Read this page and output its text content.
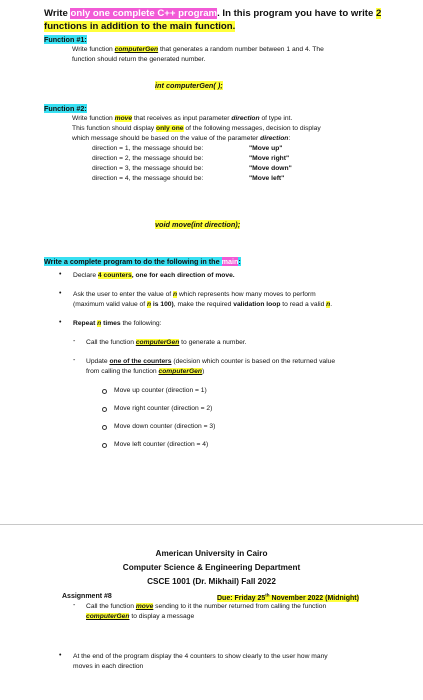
Write only one complete C++ program. In this program you have to write 2
functions in addition to the main function.
Function #1:
Write function computerGen that generates a random number between 1 and 4. The
function should return the generated number.
int computerGen( );
Function #2:
Write function move that receives as input parameter direction of type int.
This function should display only one of the following messages, decision to display
which message should be based on the value of the parameter direction:
direction = 1, the message should be:	"Move up"
direction = 2, the message should be:	"Move right"
direction = 3, the message should be:	"Move down"
direction = 4, the message should be:	"Move left"
void move(int direction);
Write a complete program to do the following in the main:
• Declare 4 counters, one for each direction of move.
• Ask the user to enter the value of n which represents how many moves to perform
(maximum valid value of n is 100), make the required validation loop to read a valid n.
• Repeat n times the following:
- Call the function computerGen to generate a number.
- Update one of the counters (decision which counter is based on the returned value
from calling the function computerGen)
Move up counter (direction = 1)
Move right counter (direction = 2)
Move down counter (direction = 3)
Move left counter (direction = 4)
American University in Cairo
Computer Science & Engineering Department
CSCE 1001 (Dr. Mikhail) Fall 2022
Assignment #8	Due: Friday 25th November 2022 (Midnight)
- Call the function move sending to it the number returned from calling the function
computerGen to display a message
• At the end of the program display the 4 counters to show clearly to the user how many
moves in each direction
